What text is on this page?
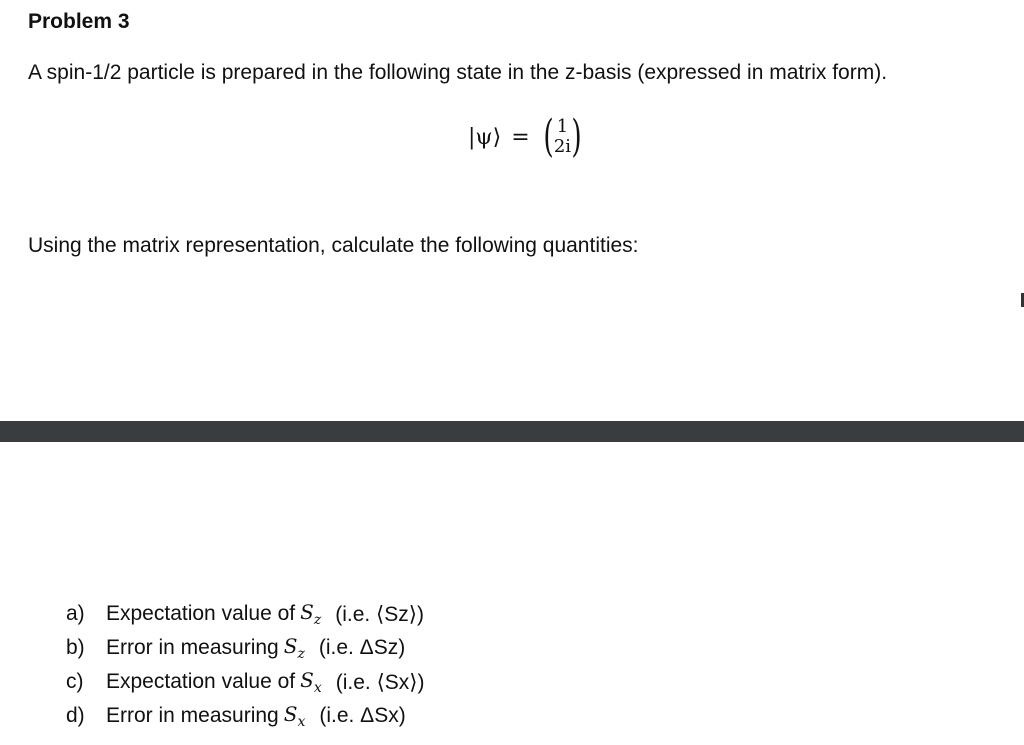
Problem 3
A spin-1/2 particle is prepared in the following state in the z-basis (expressed in matrix form).
|ψ⟩ = ( 1
2i )
Using the matrix representation, calculate the following quantities:
a)	Expectation value of $S_z$ (i.e. ⟨Sz⟩)
b)	Error in measuring $S_z$ (i.e. ΔSz)
c)	Expectation value of $S_x$ (i.e. ⟨Sx⟩)
d)	Error in measuring $S_x$ (i.e. ΔSx)
